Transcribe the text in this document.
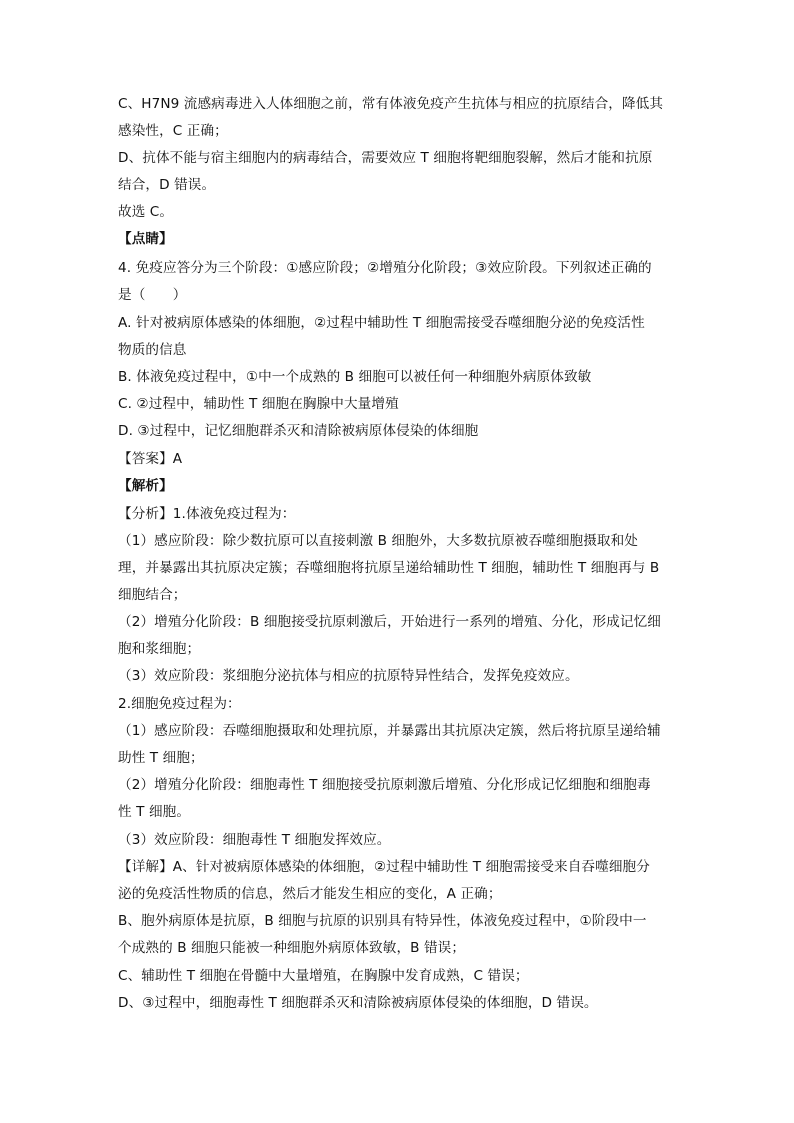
C、H7N9 流感病毒进入人体细胞之前，常有体液免疫产生抗体与相应的抗原结合，降低其
感染性，C 正确；
D、抗体不能与宿主细胞内的病毒结合，需要效应 T 细胞将靶细胞裂解，然后才能和抗原
结合，D 错误。
故选 C。
【点睛】
4. 免疫应答分为三个阶段：①感应阶段；②增殖分化阶段；③效应阶段。下列叙述正确的
是（　　）
A. 针对被病原体感染的体细胞，②过程中辅助性 T 细胞需接受吞噬细胞分泌的免疫活性
物质的信息
B. 体液免疫过程中，①中一个成熟的 B 细胞可以被任何一种细胞外病原体致敏
C. ②过程中，辅助性 T 细胞在胸腺中大量增殖
D. ③过程中，记忆细胞群杀灭和清除被病原体侵染的体细胞
【答案】A
【解析】
【分析】1.体液免疫过程为：
（1）感应阶段：除少数抗原可以直接刺激 B 细胞外，大多数抗原被吞噬细胞摄取和处
理，并暴露出其抗原决定簇；吞噬细胞将抗原呈递给辅助性 T 细胞，辅助性 T 细胞再与 B
细胞结合；
（2）增殖分化阶段：B 细胞接受抗原刺激后，开始进行一系列的增殖、分化，形成记忆细
胞和浆细胞；
（3）效应阶段：浆细胞分泌抗体与相应的抗原特异性结合，发挥免疫效应。
2.细胞免疫过程为：
（1）感应阶段：吞噬细胞摄取和处理抗原，并暴露出其抗原决定簇，然后将抗原呈递给辅
助性 T 细胞；
（2）增殖分化阶段：细胞毒性 T 细胞接受抗原刺激后增殖、分化形成记忆细胞和细胞毒
性 T 细胞。
（3）效应阶段：细胞毒性 T 细胞发挥效应。
【详解】A、针对被病原体感染的体细胞，②过程中辅助性 T 细胞需接受来自吞噬细胞分
泌的免疫活性物质的信息，然后才能发生相应的变化，A 正确；
B、胞外病原体是抗原，B 细胞与抗原的识别具有特异性，体液免疫过程中，①阶段中一
个成熟的 B 细胞只能被一种细胞外病原体致敏，B 错误；
C、辅助性 T 细胞在骨髓中大量增殖，在胸腺中发育成熟，C 错误；
D、③过程中，细胞毒性 T 细胞群杀灭和清除被病原体侵染的体细胞，D 错误。
